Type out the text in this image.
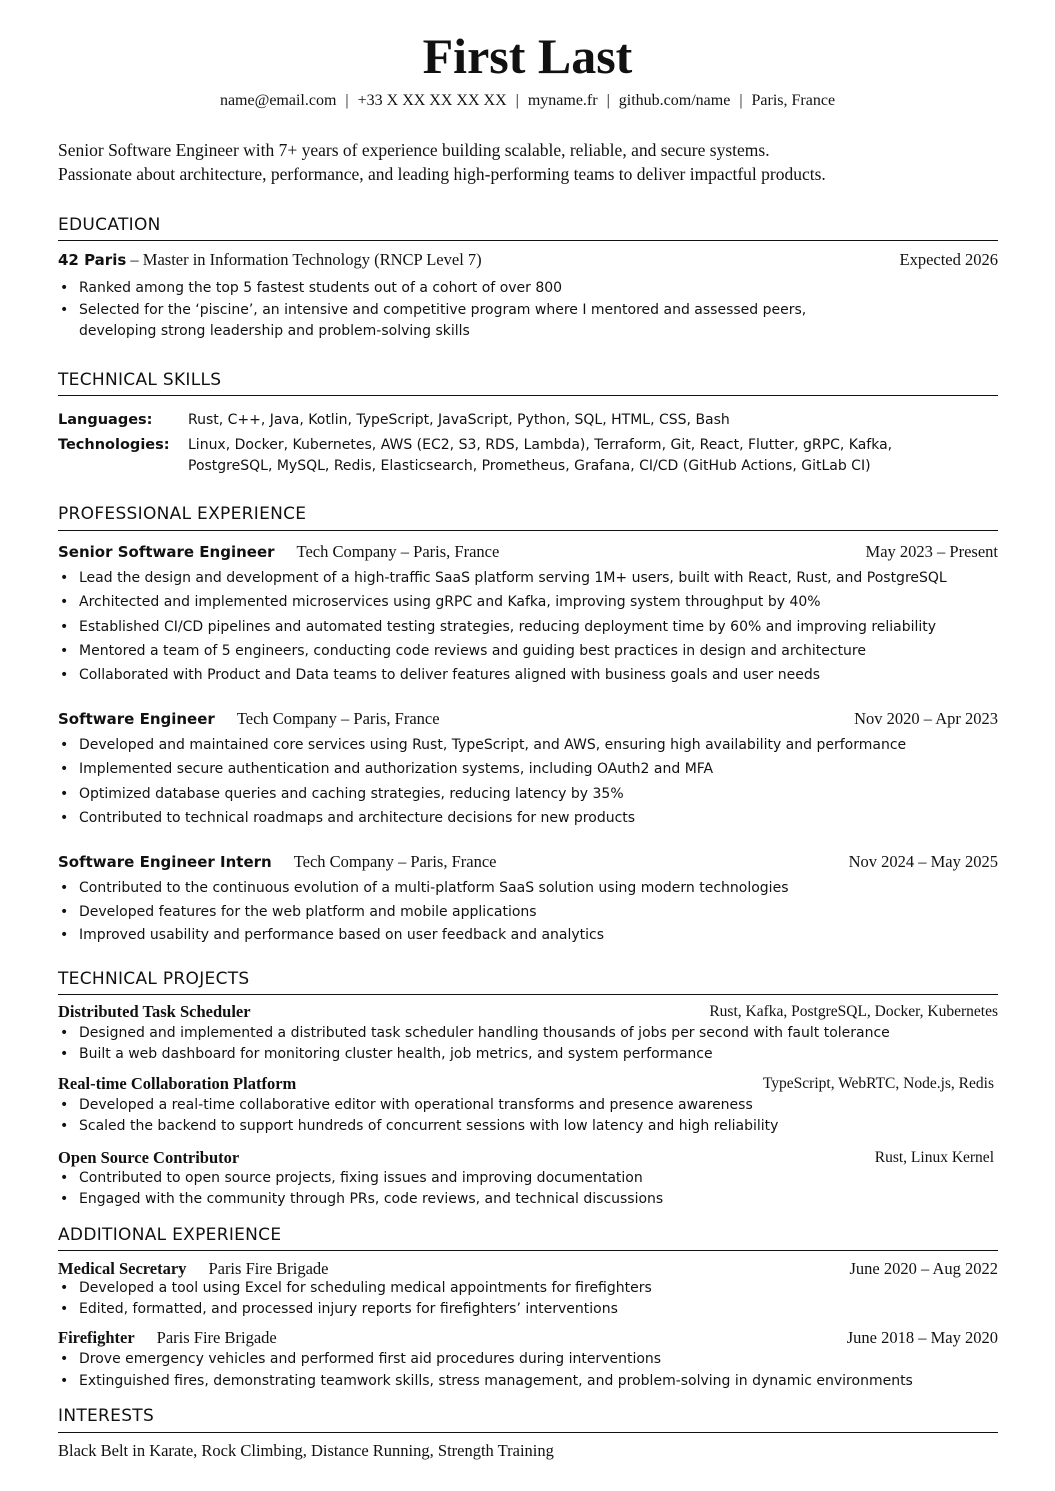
First Last
name@email.com | +33 X XX XX XX XX | myname.fr | github.com/name | Paris, France

Senior Software Engineer with 7+ years of experience building scalable, reliable, and secure systems.

Passionate about architecture, performance, and leading high-performing teams to deliver impactful products.

EDUCATION
42 Paris – Master in Information Technology (RNCP Level 7)	Expected 2026
• Ranked among the top 5 fastest students out of a cohort of over 800
• Selected for the ‘piscine’, an intensive and competitive program where I mentored and assessed peers,
developing strong leadership and problem-solving skills
TECHNICAL SKILLS
Languages:	Rust, C++, Java, Kotlin, TypeScript, JavaScript, Python, SQL, HTML, CSS, Bash
Technologies: Linux, Docker, Kubernetes, AWS (EC2, S3, RDS, Lambda), Terraform, Git, React, Flutter, gRPC, Kafka,
PostgreSQL, MySQL, Redis, Elasticsearch, Prometheus, Grafana, CI/CD (GitHub Actions, GitLab CI)
PROFESSIONAL EXPERIENCE
Senior Software Engineer Tech Company – Paris, France	May 2023 – Present
• Lead the design and development of a high-traffic SaaS platform serving 1M+ users, built with React, Rust, and PostgreSQL
• Architected and implemented microservices using gRPC and Kafka, improving system throughput by 40%
• Established CI/CD pipelines and automated testing strategies, reducing deployment time by 60% and improving reliability
• Mentored a team of 5 engineers, conducting code reviews and guiding best practices in design and architecture
• Collaborated with Product and Data teams to deliver features aligned with business goals and user needs
Software Engineer Tech Company – Paris, France	Nov 2020 – Apr 2023
• Developed and maintained core services using Rust, TypeScript, and AWS, ensuring high availability and performance
• Implemented secure authentication and authorization systems, including OAuth2 and MFA
• Optimized database queries and caching strategies, reducing latency by 35%
• Contributed to technical roadmaps and architecture decisions for new products
Software Engineer Intern Tech Company – Paris, France	Nov 2024 – May 2025
• Contributed to the continuous evolution of a multi-platform SaaS solution using modern technologies
• Developed features for the web platform and mobile applications
• Improved usability and performance based on user feedback and analytics
TECHNICAL PROJECTS
Distributed Task Scheduler	Rust, Kafka, PostgreSQL, Docker, Kubernetes
• Designed and implemented a distributed task scheduler handling thousands of jobs per second with fault tolerance
• Built a web dashboard for monitoring cluster health, job metrics, and system performance
Real-time Collaboration Platform	TypeScript, WebRTC, Node.js, Redis
• Developed a real-time collaborative editor with operational transforms and presence awareness
• Scaled the backend to support hundreds of concurrent sessions with low latency and high reliability
Open Source Contributor	Rust, Linux Kernel
• Contributed to open source projects, fixing issues and improving documentation
• Engaged with the community through PRs, code reviews, and technical discussions
ADDITIONAL EXPERIENCE
Medical Secretary Paris Fire Brigade	June 2020 – Aug 2022
• Developed a tool using Excel for scheduling medical appointments for firefighters
• Edited, formatted, and processed injury reports for firefighters’ interventions
Firefighter Paris Fire Brigade	June 2018 – May 2020
• Drove emergency vehicles and performed first aid procedures during interventions
• Extinguished fires, demonstrating teamwork skills, stress management, and problem-solving in dynamic environments
INTERESTS
Black Belt in Karate, Rock Climbing, Distance Running, Strength Training
